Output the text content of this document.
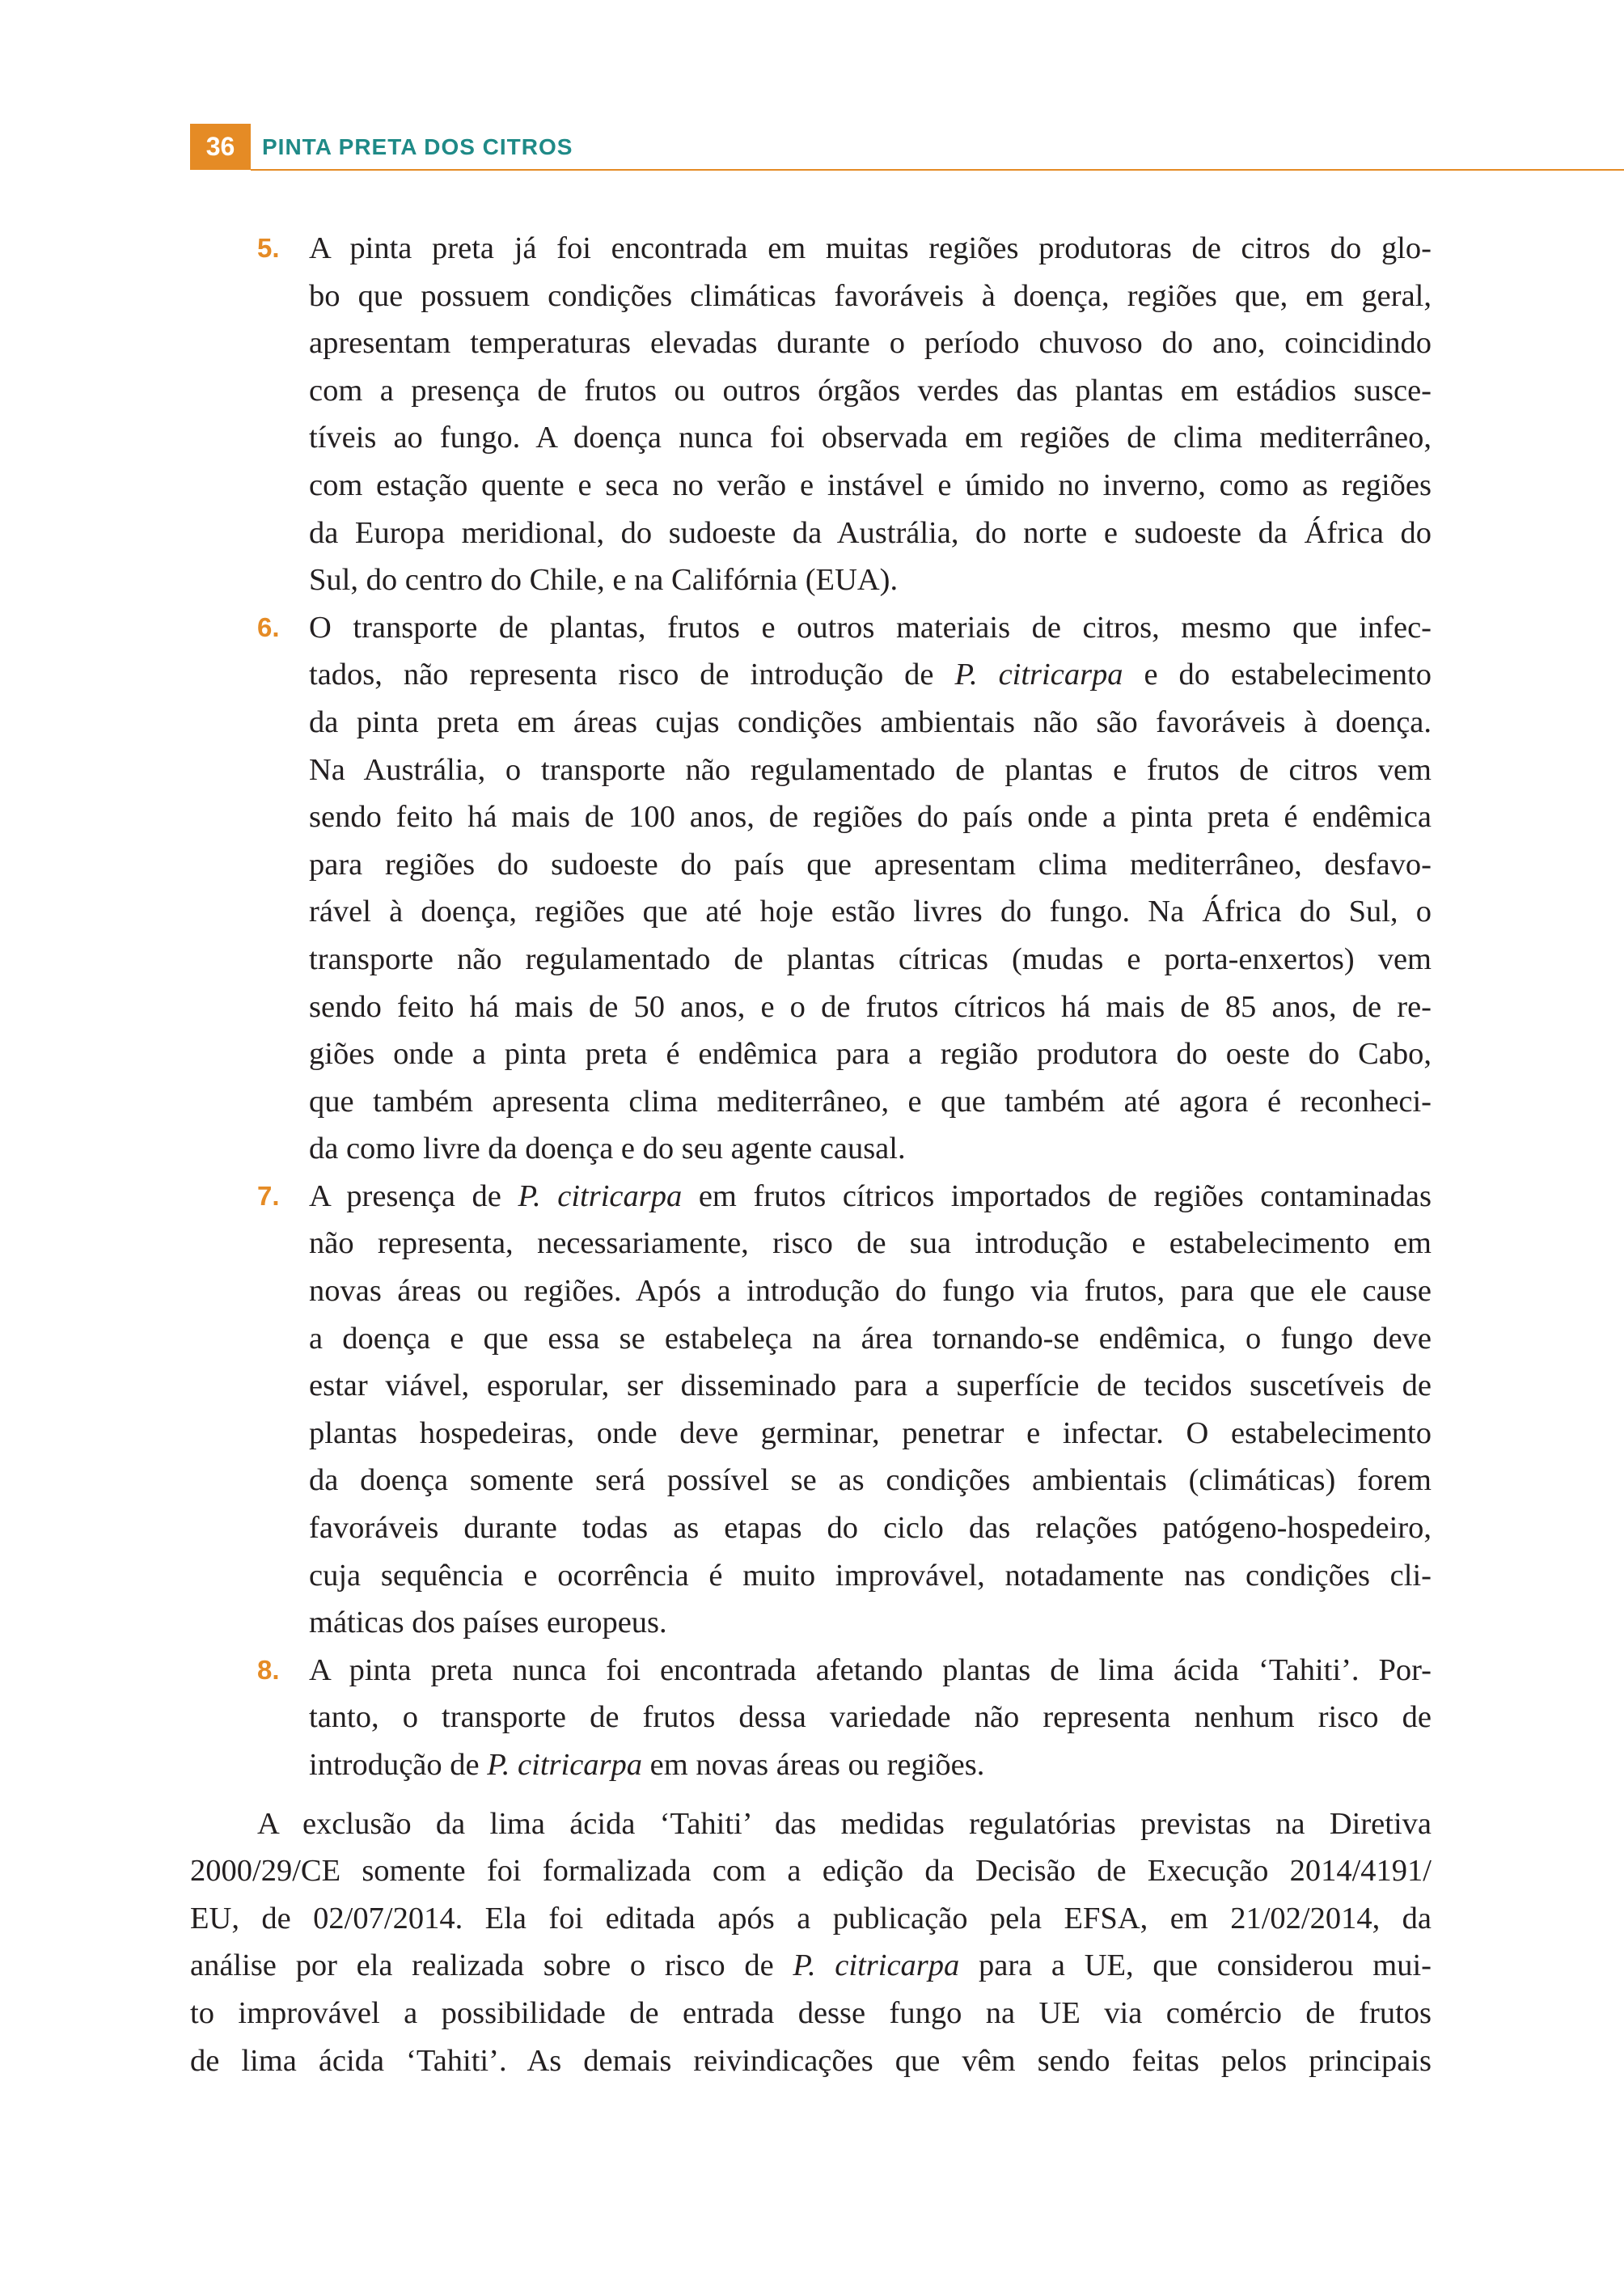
36	PINTA PRETA DOS CITROS
5. A pinta preta já foi encontrada em muitas regiões produtoras de citros do glo-
bo que possuem condições climáticas favoráveis à doença, regiões que, em geral,
apresentam temperaturas elevadas durante o período chuvoso do ano, coincidindo
com a presença de frutos ou outros órgãos verdes das plantas em estádios susce-
tíveis ao fungo. A doença nunca foi observada em regiões de clima mediterrâneo,
com estação quente e seca no verão e instável e úmido no inverno, como as regiões
da Europa meridional, do sudoeste da Austrália, do norte e sudoeste da África do
Sul, do centro do Chile, e na Califórnia (EUA).
6. O transporte de plantas, frutos e outros materiais de citros, mesmo que infec-
tados, não representa risco de introdução de P. citricarpa e do estabelecimento
da pinta preta em áreas cujas condições ambientais não são favoráveis à doença.
Na Austrália, o transporte não regulamentado de plantas e frutos de citros vem
sendo feito há mais de 100 anos, de regiões do país onde a pinta preta é endêmica
para regiões do sudoeste do país que apresentam clima mediterrâneo, desfavo-
rável à doença, regiões que até hoje estão livres do fungo. Na África do Sul, o
transporte não regulamentado de plantas cítricas (mudas e porta-enxertos) vem
sendo feito há mais de 50 anos, e o de frutos cítricos há mais de 85 anos, de re-
giões onde a pinta preta é endêmica para a região produtora do oeste do Cabo,
que também apresenta clima mediterrâneo, e que também até agora é reconheci-
da como livre da doença e do seu agente causal.
7. A presença de P. citricarpa em frutos cítricos importados de regiões contaminadas
não representa, necessariamente, risco de sua introdução e estabelecimento em
novas áreas ou regiões. Após a introdução do fungo via frutos, para que ele cause
a doença e que essa se estabeleça na área tornando-se endêmica, o fungo deve
estar viável, esporular, ser disseminado para a superfície de tecidos suscetíveis de
plantas hospedeiras, onde deve germinar, penetrar e infectar. O estabelecimento
da doença somente será possível se as condições ambientais (climáticas) forem
favoráveis durante todas as etapas do ciclo das relações patógeno-hospedeiro,
cuja sequência e ocorrência é muito improvável, notadamente nas condições cli-
máticas dos países europeus.
8. A pinta preta nunca foi encontrada afetando plantas de lima ácida ‘Tahiti’. Por-
tanto, o transporte de frutos dessa variedade não representa nenhum risco de
introdução de P. citricarpa em novas áreas ou regiões.
A exclusão da lima ácida ‘Tahiti’ das medidas regulatórias previstas na Diretiva
2000/29/CE somente foi formalizada com a edição da Decisão de Execução 2014/4191/
EU, de 02/07/2014. Ela foi editada após a publicação pela EFSA, em 21/02/2014, da
análise por ela realizada sobre o risco de P. citricarpa para a UE, que considerou mui-
to improvável a possibilidade de entrada desse fungo na UE via comércio de frutos
de lima ácida ‘Tahiti’. As demais reivindicações que vêm sendo feitas pelos principais
